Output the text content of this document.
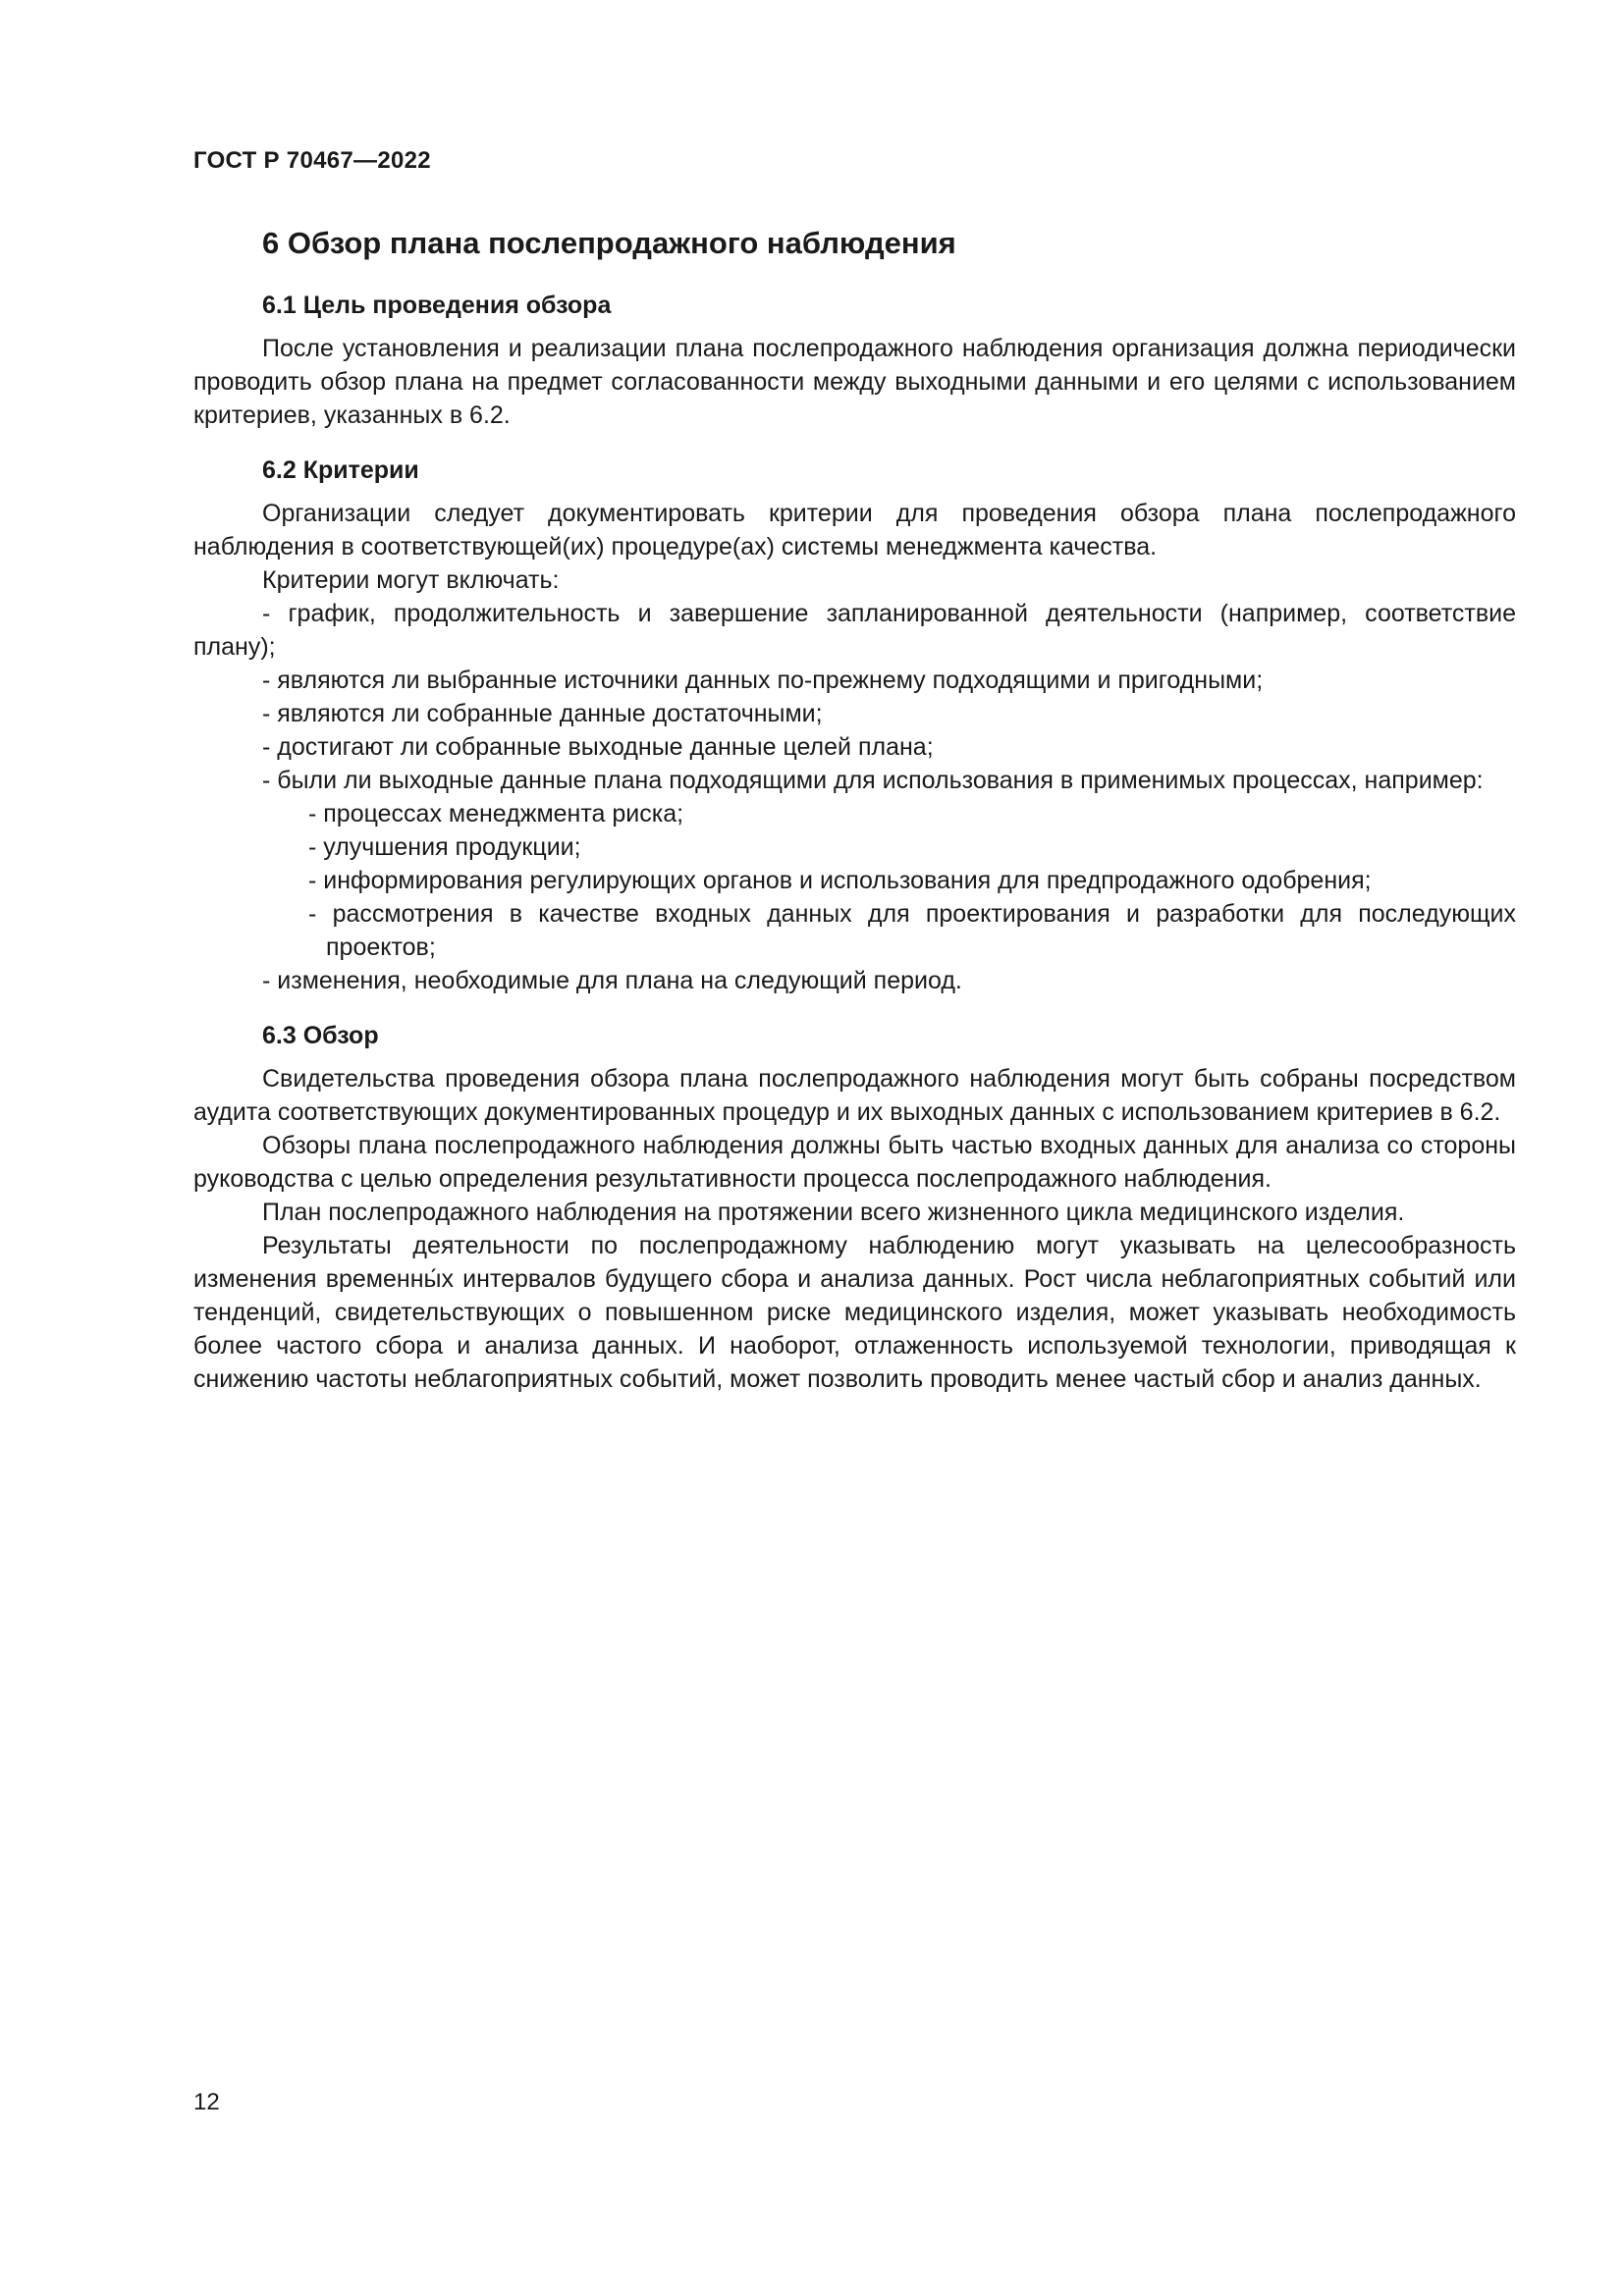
ГОСТ Р 70467—2022
6 Обзор плана послепродажного наблюдения
6.1 Цель проведения обзора

После установления и реализации плана послепродажного наблюдения организация должна периодически проводить обзор плана на предмет согласованности между выходными данными и его целями с использованием критериев, указанных в 6.2.

6.2 Критерии

Организации следует документировать критерии для проведения обзора плана послепродажного наблюдения в соответствующей(их) процедуре(ах) системы менеджмента качества.

Критерии могут включать:

- график, продолжительность и завершение запланированной деятельности (например, соответствие плану);

- являются ли выбранные источники данных по-прежнему подходящими и пригодными;

- являются ли собранные данные достаточными;

- достигают ли собранные выходные данные целей плана;

- были ли выходные данные плана подходящими для использования в применимых процессах, например:

- процессах менеджмента риска;

- улучшения продукции;

- информирования регулирующих органов и использования для предпродажного одобрения;

- рассмотрения в качестве входных данных для проектирования и разработки для последующих проектов;

- изменения, необходимые для плана на следующий период.

6.3 Обзор

Свидетельства проведения обзора плана послепродажного наблюдения могут быть собраны посредством аудита соответствующих документированных процедур и их выходных данных с использованием критериев в 6.2.

Обзоры плана послепродажного наблюдения должны быть частью входных данных для анализа со стороны руководства с целью определения результативности процесса послепродажного наблюдения.

План послепродажного наблюдения на протяжении всего жизненного цикла медицинского изделия.

Результаты деятельности по послепродажному наблюдению могут указывать на целесообразность изменения временны́х интервалов будущего сбора и анализа данных. Рост числа неблагоприятных событий или тенденций, свидетельствующих о повышенном риске медицинского изделия, может указывать необходимость более частого сбора и анализа данных. И наоборот, отлаженность используемой технологии, приводящая к снижению частоты неблагоприятных событий, может позволить проводить менее частый сбор и анализ данных.

12
